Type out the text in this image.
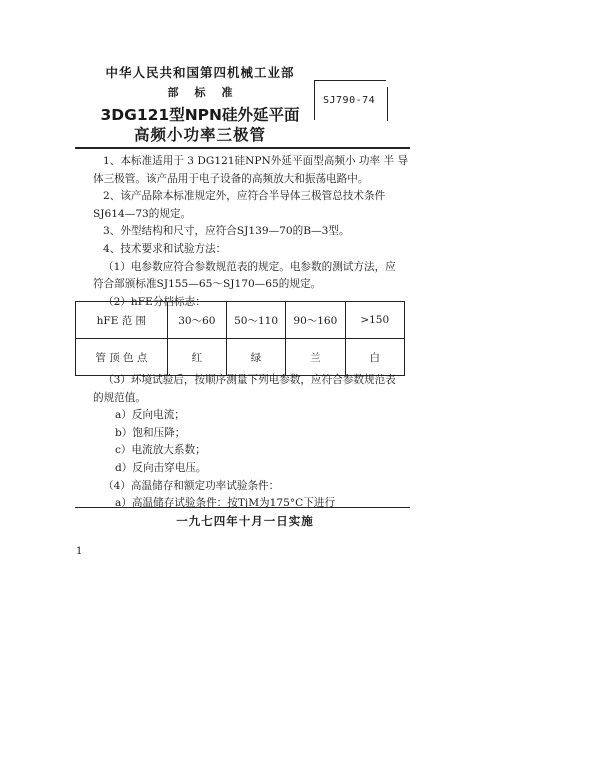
中华人民共和国第四机械工业部
部 标 准
3DG121型NPN硅外延平面
高频小功率三极管
SJ790-74

1、本标准适用于 3 DG121硅NPN外延平面型高频小 功率 半 导

体三极管。该产品用于电子设备的高频放大和振荡电路中。

2、该产品除本标准规定外，应符合半导体三极管总技术条件

SJ614—73的规定。

3、外型结构和尺寸，应符合SJ139—70的B—3型。

4、技术要求和试验方法：

（1）电参数应符合参数规范表的规定。电参数的测试方法，应

符合部颁标准SJ155—65～SJ170—65的规定。

（2）hFE分档标志：

hFE 范 围	30～60	50～110	90～160	>150
管 顶 色 点	红	绿	兰	白

（3）环境试验后，按顺序测量下列电参数，应符合参数规范表

的规范值。

a）反向电流；

b）饱和压降；

c）电流放大系数；

d）反向击穿电压。

（4）高温储存和额定功率试验条件：

a）高温储存试验条件：按TjM为175°C下进行

一九七四年十月一日实施
1
